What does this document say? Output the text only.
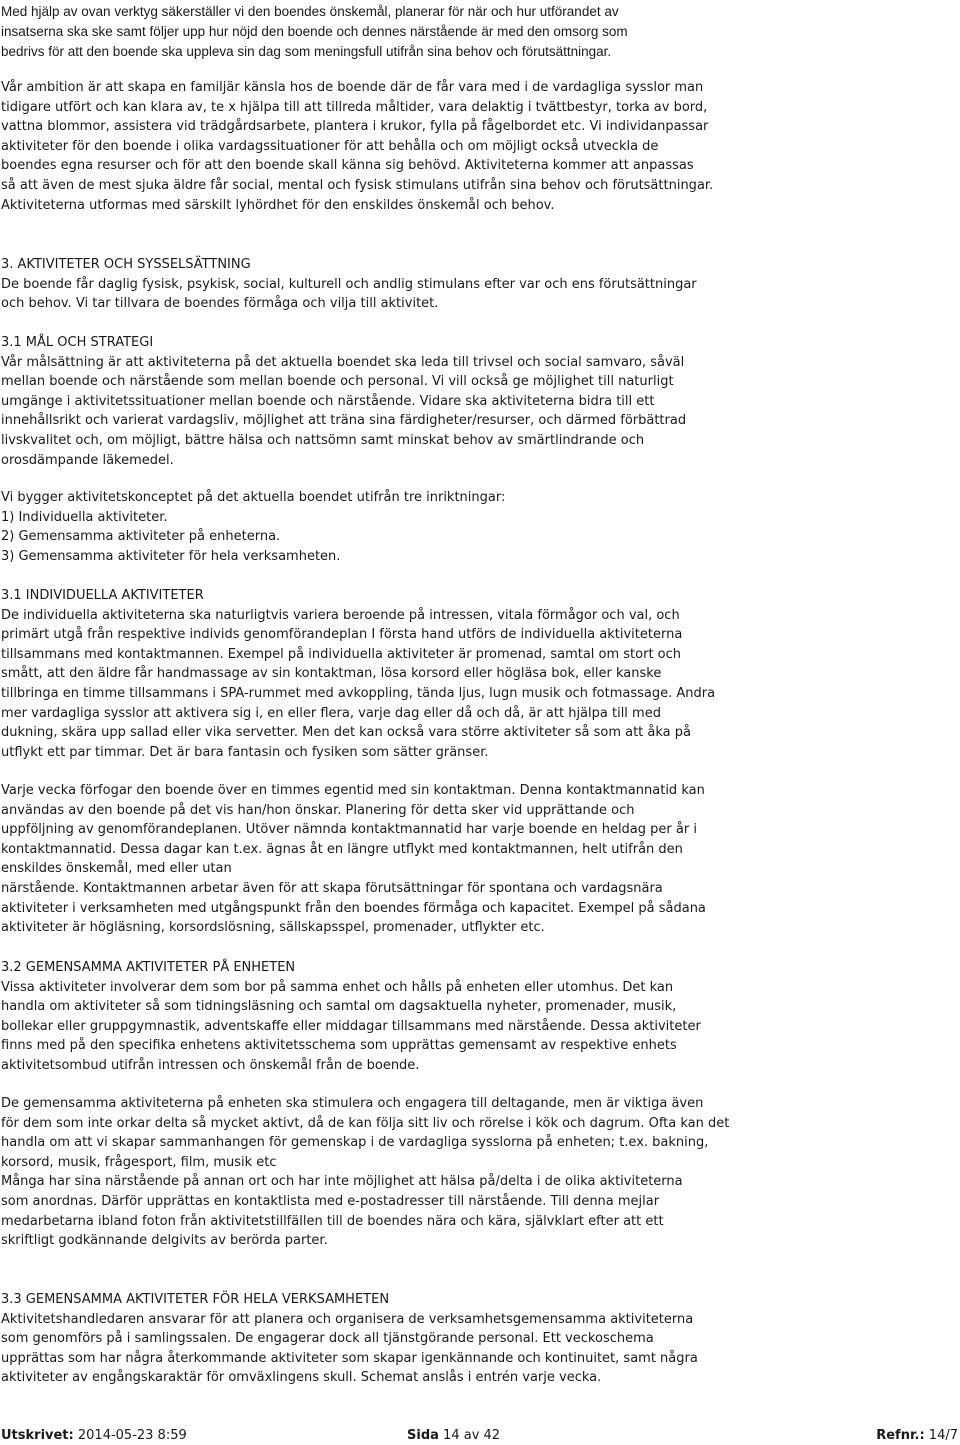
Med hjälp av ovan verktyg säkerställer vi den boendes önskemål, planerar för när och hur utförandet av
insatserna ska ske samt följer upp hur nöjd den boende och dennes närstående är med den omsorg som
bedrivs för att den boende ska uppleva sin dag som meningsfull utifrån sina behov och förutsättningar.

Vår ambition är att skapa en familjär känsla hos de boende där de får vara med i de vardagliga sysslor man
tidigare utfört och kan klara av, te x hjälpa till att tillreda måltider, vara delaktig i tvättbestyr, torka av bord,
vattna blommor, assistera vid trädgårdsarbete, plantera i krukor, fylla på fågelbordet etc. Vi individanpassar
aktiviteter för den boende i olika vardagssituationer för att behålla och om möjligt också utveckla de
boendes egna resurser och för att den boende skall känna sig behövd. Aktiviteterna kommer att anpassas
så att även de mest sjuka äldre får social, mental och fysisk stimulans utifrån sina behov och förutsättningar.
Aktiviteterna utformas med särskilt lyhördhet för den enskildes önskemål och behov.

3. AKTIVITETER OCH SYSSELSÄTTNING
De boende får daglig fysisk, psykisk, social, kulturell och andlig stimulans efter var och ens förutsättningar
och behov. Vi tar tillvara de boendes förmåga och vilja till aktivitet.

3.1 MÅL OCH STRATEGI
Vår målsättning är att aktiviteterna på det aktuella boendet ska leda till trivsel och social samvaro, såväl
mellan boende och närstående som mellan boende och personal. Vi vill också ge möjlighet till naturligt
umgänge i aktivitetssituationer mellan boende och närstående. Vidare ska aktiviteterna bidra till ett
innehållsrikt och varierat vardagsliv, möjlighet att träna sina färdigheter/resurser, och därmed förbättrad
livskvalitet och, om möjligt, bättre hälsa och nattsömn samt minskat behov av smärtlindrande och
orosdämpande läkemedel.

Vi bygger aktivitetskonceptet på det aktuella boendet utifrån tre inriktningar:
1) Individuella aktiviteter.
2) Gemensamma aktiviteter på enheterna.
3) Gemensamma aktiviteter för hela verksamheten.

3.1 INDIVIDUELLA AKTIVITETER
De individuella aktiviteterna ska naturligtvis variera beroende på intressen, vitala förmågor och val, och
primärt utgå från respektive individs genomförandeplan I första hand utförs de individuella aktiviteterna
tillsammans med kontaktmannen. Exempel på individuella aktiviteter är promenad, samtal om stort och
smått, att den äldre får handmassage av sin kontaktman, lösa korsord eller högläsa bok, eller kanske
tillbringa en timme tillsammans i SPA-rummet med avkoppling, tända ljus, lugn musik och fotmassage. Andra
mer vardagliga sysslor att aktivera sig i, en eller flera, varje dag eller då och då, är att hjälpa till med
dukning, skära upp sallad eller vika servetter. Men det kan också vara större aktiviteter så som att åka på
utflykt ett par timmar. Det är bara fantasin och fysiken som sätter gränser.

Varje vecka förfogar den boende över en timmes egentid med sin kontaktman. Denna kontaktmannatid kan
användas av den boende på det vis han/hon önskar. Planering för detta sker vid upprättande och
uppföljning av genomförandeplanen. Utöver nämnda kontaktmannatid har varje boende en heldag per år i
kontaktmannatid. Dessa dagar kan t.ex. ägnas åt en längre utflykt med kontaktmannen, helt utifrån den
enskildes önskemål, med eller utan
närstående. Kontaktmannen arbetar även för att skapa förutsättningar för spontana och vardagsnära
aktiviteter i verksamheten med utgångspunkt från den boendes förmåga och kapacitet. Exempel på sådana
aktiviteter är högläsning, korsordslösning, sällskapsspel, promenader, utflykter etc.

3.2 GEMENSAMMA AKTIVITETER PÅ ENHETEN
Vissa aktiviteter involverar dem som bor på samma enhet och hålls på enheten eller utomhus. Det kan
handla om aktiviteter så som tidningsläsning och samtal om dagsaktuella nyheter, promenader, musik,
bollekar eller gruppgymnastik, adventskaffe eller middagar tillsammans med närstående. Dessa aktiviteter
finns med på den specifika enhetens aktivitetsschema som upprättas gemensamt av respektive enhets
aktivitetsombud utifrån intressen och önskemål från de boende.

De gemensamma aktiviteterna på enheten ska stimulera och engagera till deltagande, men är viktiga även
för dem som inte orkar delta så mycket aktivt, då de kan följa sitt liv och rörelse i kök och dagrum. Ofta kan det
handla om att vi skapar sammanhangen för gemenskap i de vardagliga sysslorna på enheten; t.ex. bakning,
korsord, musik, frågesport, film, musik etc
Många har sina närstående på annan ort och har inte möjlighet att hälsa på/delta i de olika aktiviteterna
som anordnas. Därför upprättas en kontaktlista med e-postadresser till närstående. Till denna mejlar
medarbetarna ibland foton från aktivitetstillfällen till de boendes nära och kära, självklart efter att ett
skriftligt godkännande delgivits av berörda parter.

3.3 GEMENSAMMA AKTIVITETER FÖR HELA VERKSAMHETEN
Aktivitetshandledaren ansvarar för att planera och organisera de verksamhetsgemensamma aktiviteterna
som genomförs på i samlingssalen. De engagerar dock all tjänstgörande personal. Ett veckoschema
upprättas som har några återkommande aktiviteter som skapar igenkännande och kontinuitet, samt några
aktiviteter av engångskaraktär för omväxlingens skull. Schemat anslås i entrén varje vecka.

Utskrivet: 2014-05-23 8:59	Sida 14 av 42	Refnr.: 14/7
